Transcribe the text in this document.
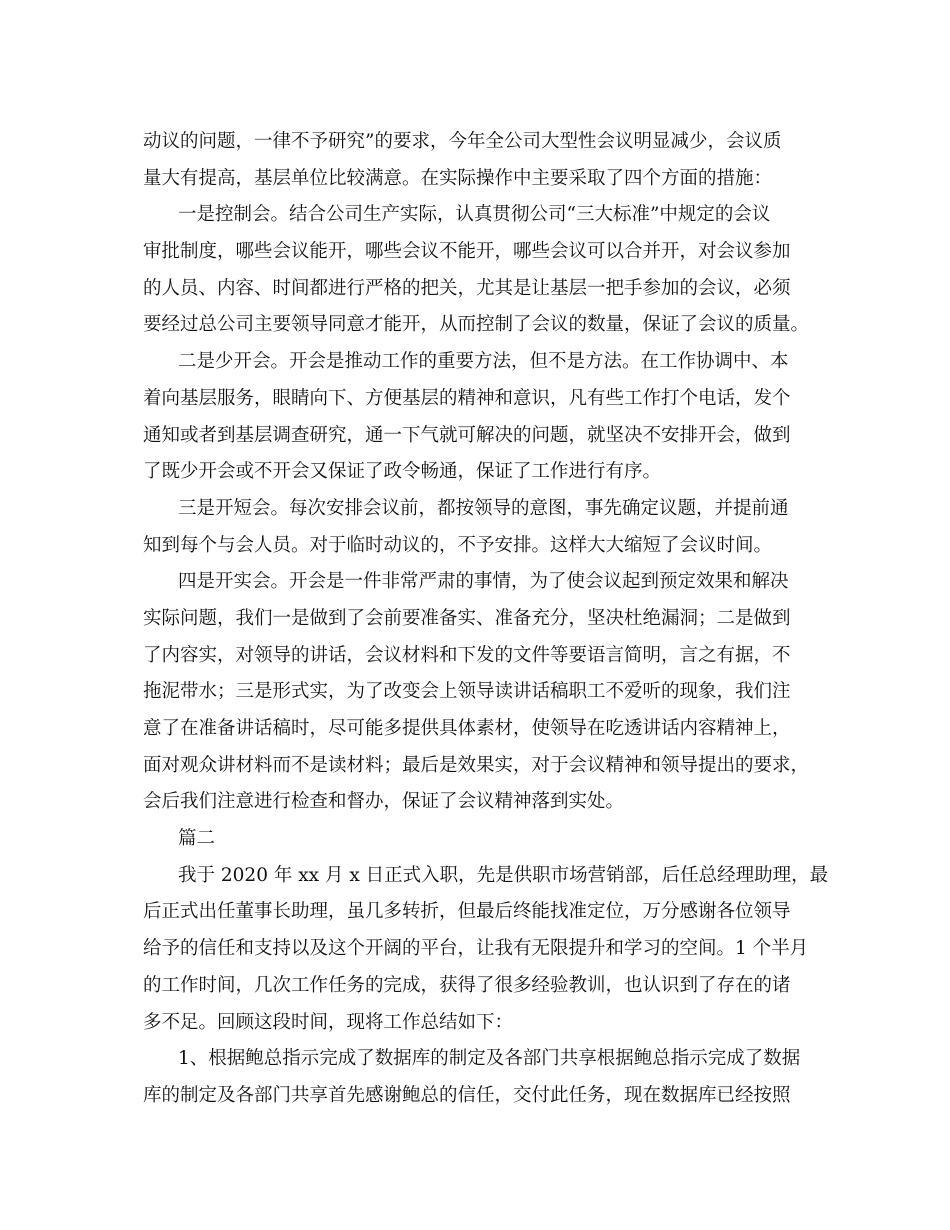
动议的问题，一律不予研究”的要求，今年全公司大型性会议明显减少，会议质
量大有提高，基层单位比较满意。在实际操作中主要采取了四个方面的措施：
一是控制会。结合公司生产实际，认真贯彻公司“三大标准”中规定的会议
审批制度，哪些会议能开，哪些会议不能开，哪些会议可以合并开，对会议参加
的人员、内容、时间都进行严格的把关，尤其是让基层一把手参加的会议，必须
要经过总公司主要领导同意才能开，从而控制了会议的数量，保证了会议的质量。
二是少开会。开会是推动工作的重要方法，但不是方法。在工作协调中、本
着向基层服务，眼睛向下、方便基层的精神和意识，凡有些工作打个电话，发个
通知或者到基层调查研究，通一下气就可解决的问题，就坚决不安排开会，做到
了既少开会或不开会又保证了政令畅通，保证了工作进行有序。
三是开短会。每次安排会议前，都按领导的意图，事先确定议题，并提前通
知到每个与会人员。对于临时动议的，不予安排。这样大大缩短了会议时间。
四是开实会。开会是一件非常严肃的事情，为了使会议起到预定效果和解决
实际问题，我们一是做到了会前要准备实、准备充分，坚决杜绝漏洞；二是做到
了内容实，对领导的讲话，会议材料和下发的文件等要语言简明，言之有据，不
拖泥带水；三是形式实，为了改变会上领导读讲话稿职工不爱听的现象，我们注
意了在准备讲话稿时，尽可能多提供具体素材，使领导在吃透讲话内容精神上，
面对观众讲材料而不是读材料；最后是效果实，对于会议精神和领导提出的要求，
会后我们注意进行检查和督办，保证了会议精神落到实处。
篇二
我于 2020 年 xx 月 x 日正式入职，先是供职市场营销部，后任总经理助理，最
后正式出任董事长助理，虽几多转折，但最后终能找准定位，万分感谢各位领导
给予的信任和支持以及这个开阔的平台，让我有无限提升和学习的空间。1 个半月
的工作时间，几次工作任务的完成，获得了很多经验教训，也认识到了存在的诸
多不足。回顾这段时间，现将工作总结如下：
1、根据鲍总指示完成了数据库的制定及各部门共享根据鲍总指示完成了数据
库的制定及各部门共享首先感谢鲍总的信任，交付此任务，现在数据库已经按照
